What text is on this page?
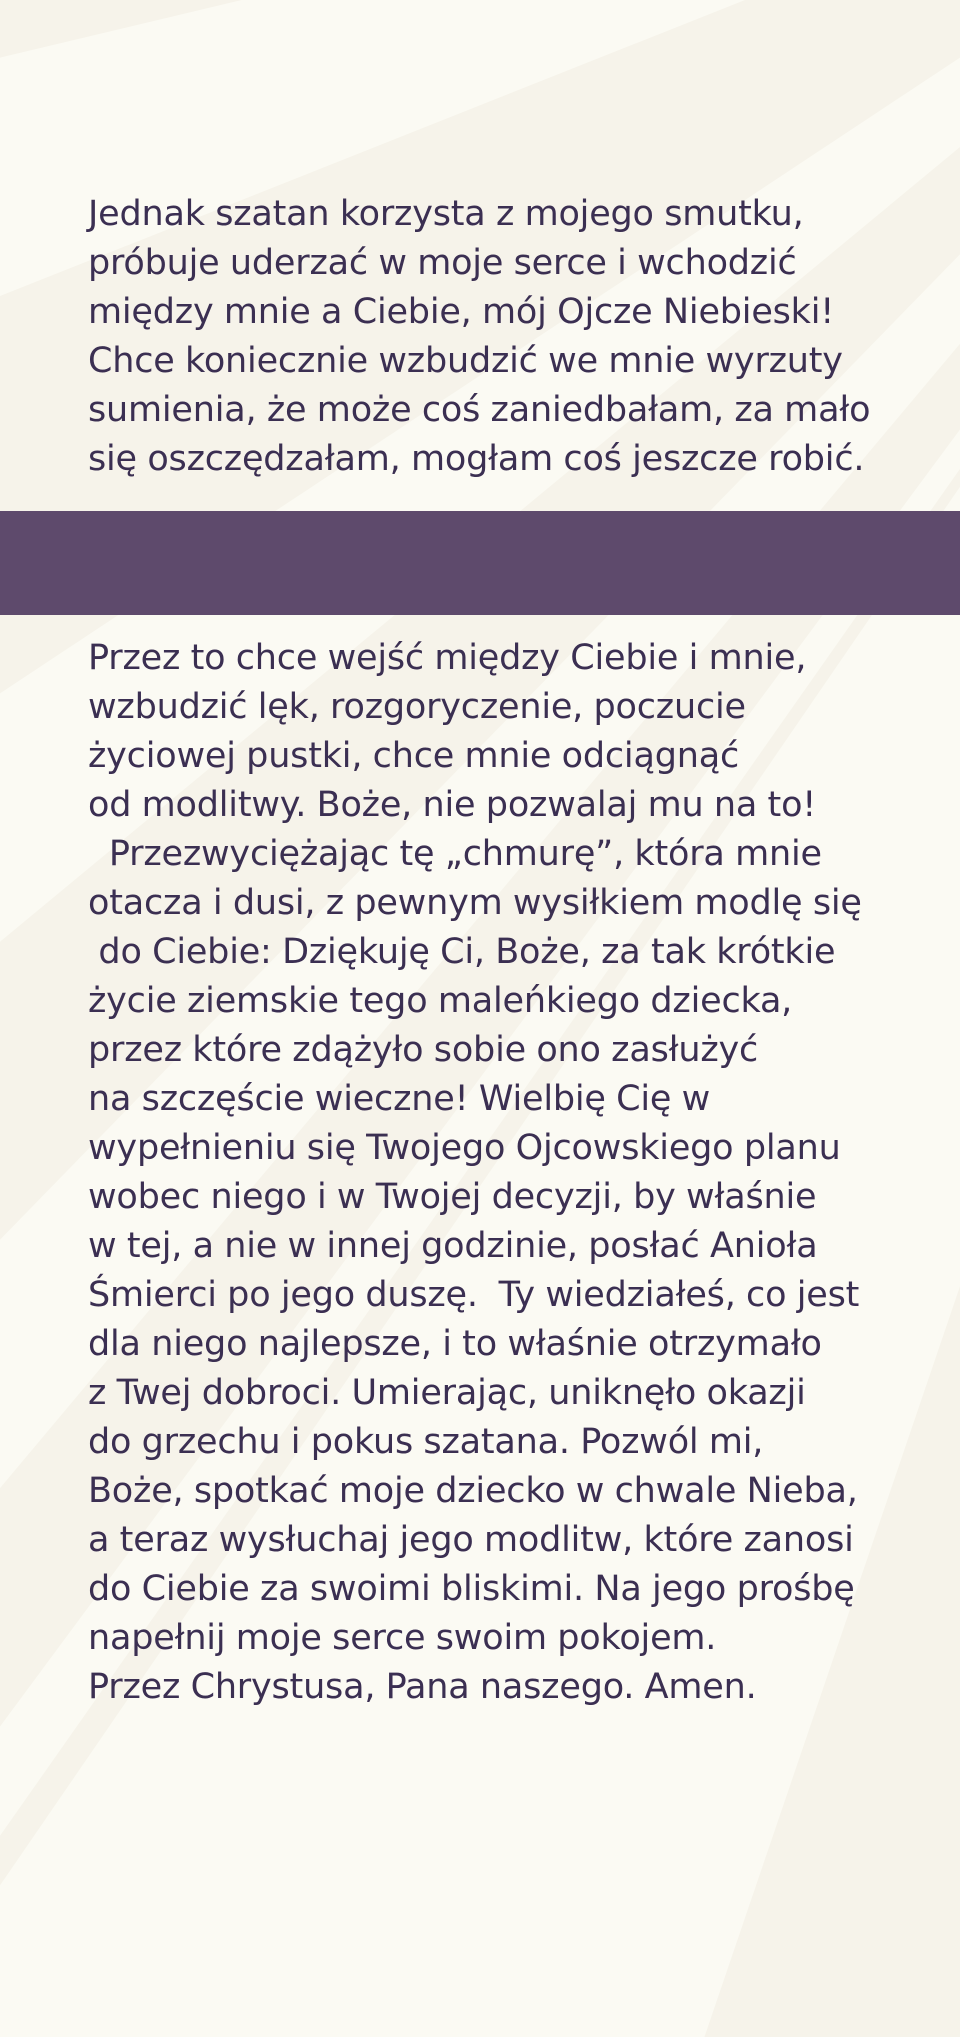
Jednak szatan korzysta z mojego smutku,
próbuje uderzać w moje serce i wchodzić
między mnie a Ciebie, mój Ojcze Niebieski!
Chce koniecznie wzbudzić we mnie wyrzuty
sumienia, że może coś zaniedbałam, za mało
się oszczędzałam, mogłam coś jeszcze robić.
Przez to chce wejść między Ciebie i mnie,
wzbudzić lęk, rozgoryczenie, poczucie
życiowej pustki, chce mnie odciągnąć
od modlitwy. Boże, nie pozwalaj mu na to!
Przezwyciężając tę „chmurę”, która mnie
otacza i dusi, z pewnym wysiłkiem modlę się
do Ciebie: Dziękuję Ci, Boże, za tak krótkie
życie ziemskie tego maleńkiego dziecka,
przez które zdążyło sobie ono zasłużyć
na szczęście wieczne! Wielbię Cię w
wypełnieniu się Twojego Ojcowskiego planu
wobec niego i w Twojej decyzji, by właśnie
w tej, a nie w innej godzinie, posłać Anioła
Śmierci po jego duszę.  Ty wiedziałeś, co jest
dla niego najlepsze, i to właśnie otrzymało
z Twej dobroci. Umierając, uniknęło okazji
do grzechu i pokus szatana. Pozwól mi,
Boże, spotkać moje dziecko w chwale Nieba,
a teraz wysłuchaj jego modlitw, które zanosi
do Ciebie za swoimi bliskimi. Na jego prośbę
napełnij moje serce swoim pokojem.
Przez Chrystusa, Pana naszego. Amen.
